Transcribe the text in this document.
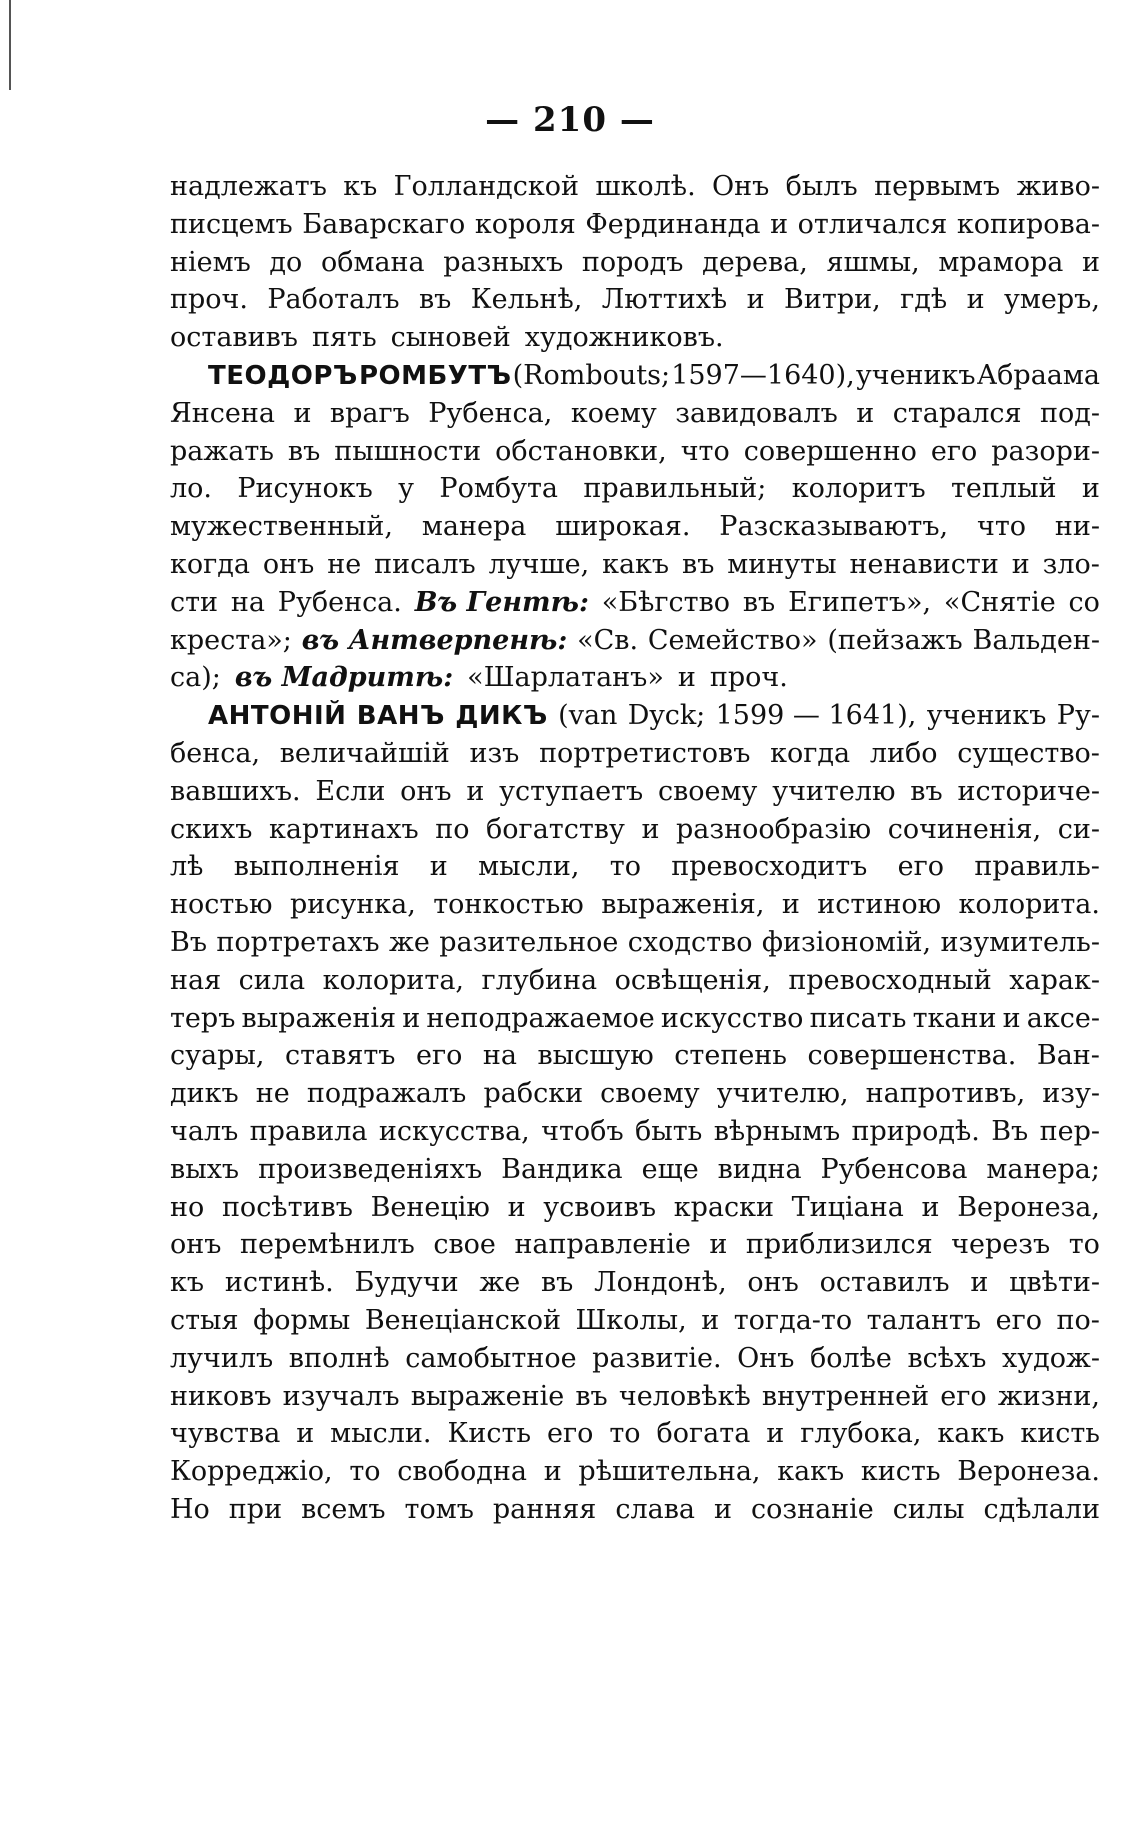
— 210 —
надлежатъ къ Голландской школѣ. Онъ былъ первымъ живо-
писцемъ Баварскаго короля Фердинанда и отличался копирова-
ніемъ до обмана разныхъ породъ дерева, яшмы, мрамора и
проч. Работалъ въ Кельнѣ, Люттихѣ и Витри, гдѣ и умеръ,
оставивъ пять сыновей художниковъ.
ТЕОДОРЪ РОМБУТЪ (Rombouts; 1597—1640), ученикъ Абраама
Янсена и врагъ Рубенса, коему завидовалъ и старался под-
ражать въ пышности обстановки, что совершенно его разори-
ло. Рисунокъ у Ромбута правильный; колоритъ теплый и
мужественный, манера широкая. Разсказываютъ, что ни-
когда онъ не писалъ лучше, какъ въ минуты ненависти и зло-
сти на Рубенса. Въ Гентѣ: «Бѣгство въ Египетъ», «Снятіе со
креста»; въ Антверпенѣ: «Св. Семейство» (пейзажъ Вальден-
са); въ Мадритѣ: «Шарлатанъ» и проч.
АНТОНІЙ ВАНЪ ДИКЪ (van Dyck; 1599 — 1641), ученикъ Ру-
бенса, величайшій изъ портретистовъ когда либо существо-
вавшихъ. Если онъ и уступаетъ своему учителю въ историче-
скихъ картинахъ по богатству и разнообразію сочиненія, си-
лѣ выполненія и мысли, то превосходитъ его правиль-
ностью рисунка, тонкостью выраженія, и истиною колорита.
Въ портретахъ же разительное сходство физіономій, изумитель-
ная сила колорита, глубина освѣщенія, превосходный харак-
теръ выраженія и неподражаемое искусство писать ткани и аксе-
суары, ставятъ его на высшую степень совершенства. Ван-
дикъ не подражалъ рабски своему учителю, напротивъ, изу-
чалъ правила искусства, чтобъ быть вѣрнымъ природѣ. Въ пер-
выхъ произведеніяхъ Вандика еще видна Рубенсова манера;
но посѣтивъ Венецію и усвоивъ краски Тиціана и Веронеза,
онъ перемѣнилъ свое направленіе и приблизился черезъ то
къ истинѣ. Будучи же въ Лондонѣ, онъ оставилъ и цвѣти-
стыя формы Венеціанской Школы, и тогда-то талантъ его по-
лучилъ вполнѣ самобытное развитіе. Онъ болѣе всѣхъ худож-
никовъ изучалъ выраженіе въ человѣкѣ внутренней его жизни,
чувства и мысли. Кисть его то богата и глубока, какъ кисть
Корреджіо, то свободна и рѣшительна, какъ кисть Веронеза.
Но при всемъ томъ ранняя слава и сознаніе силы сдѣлали
